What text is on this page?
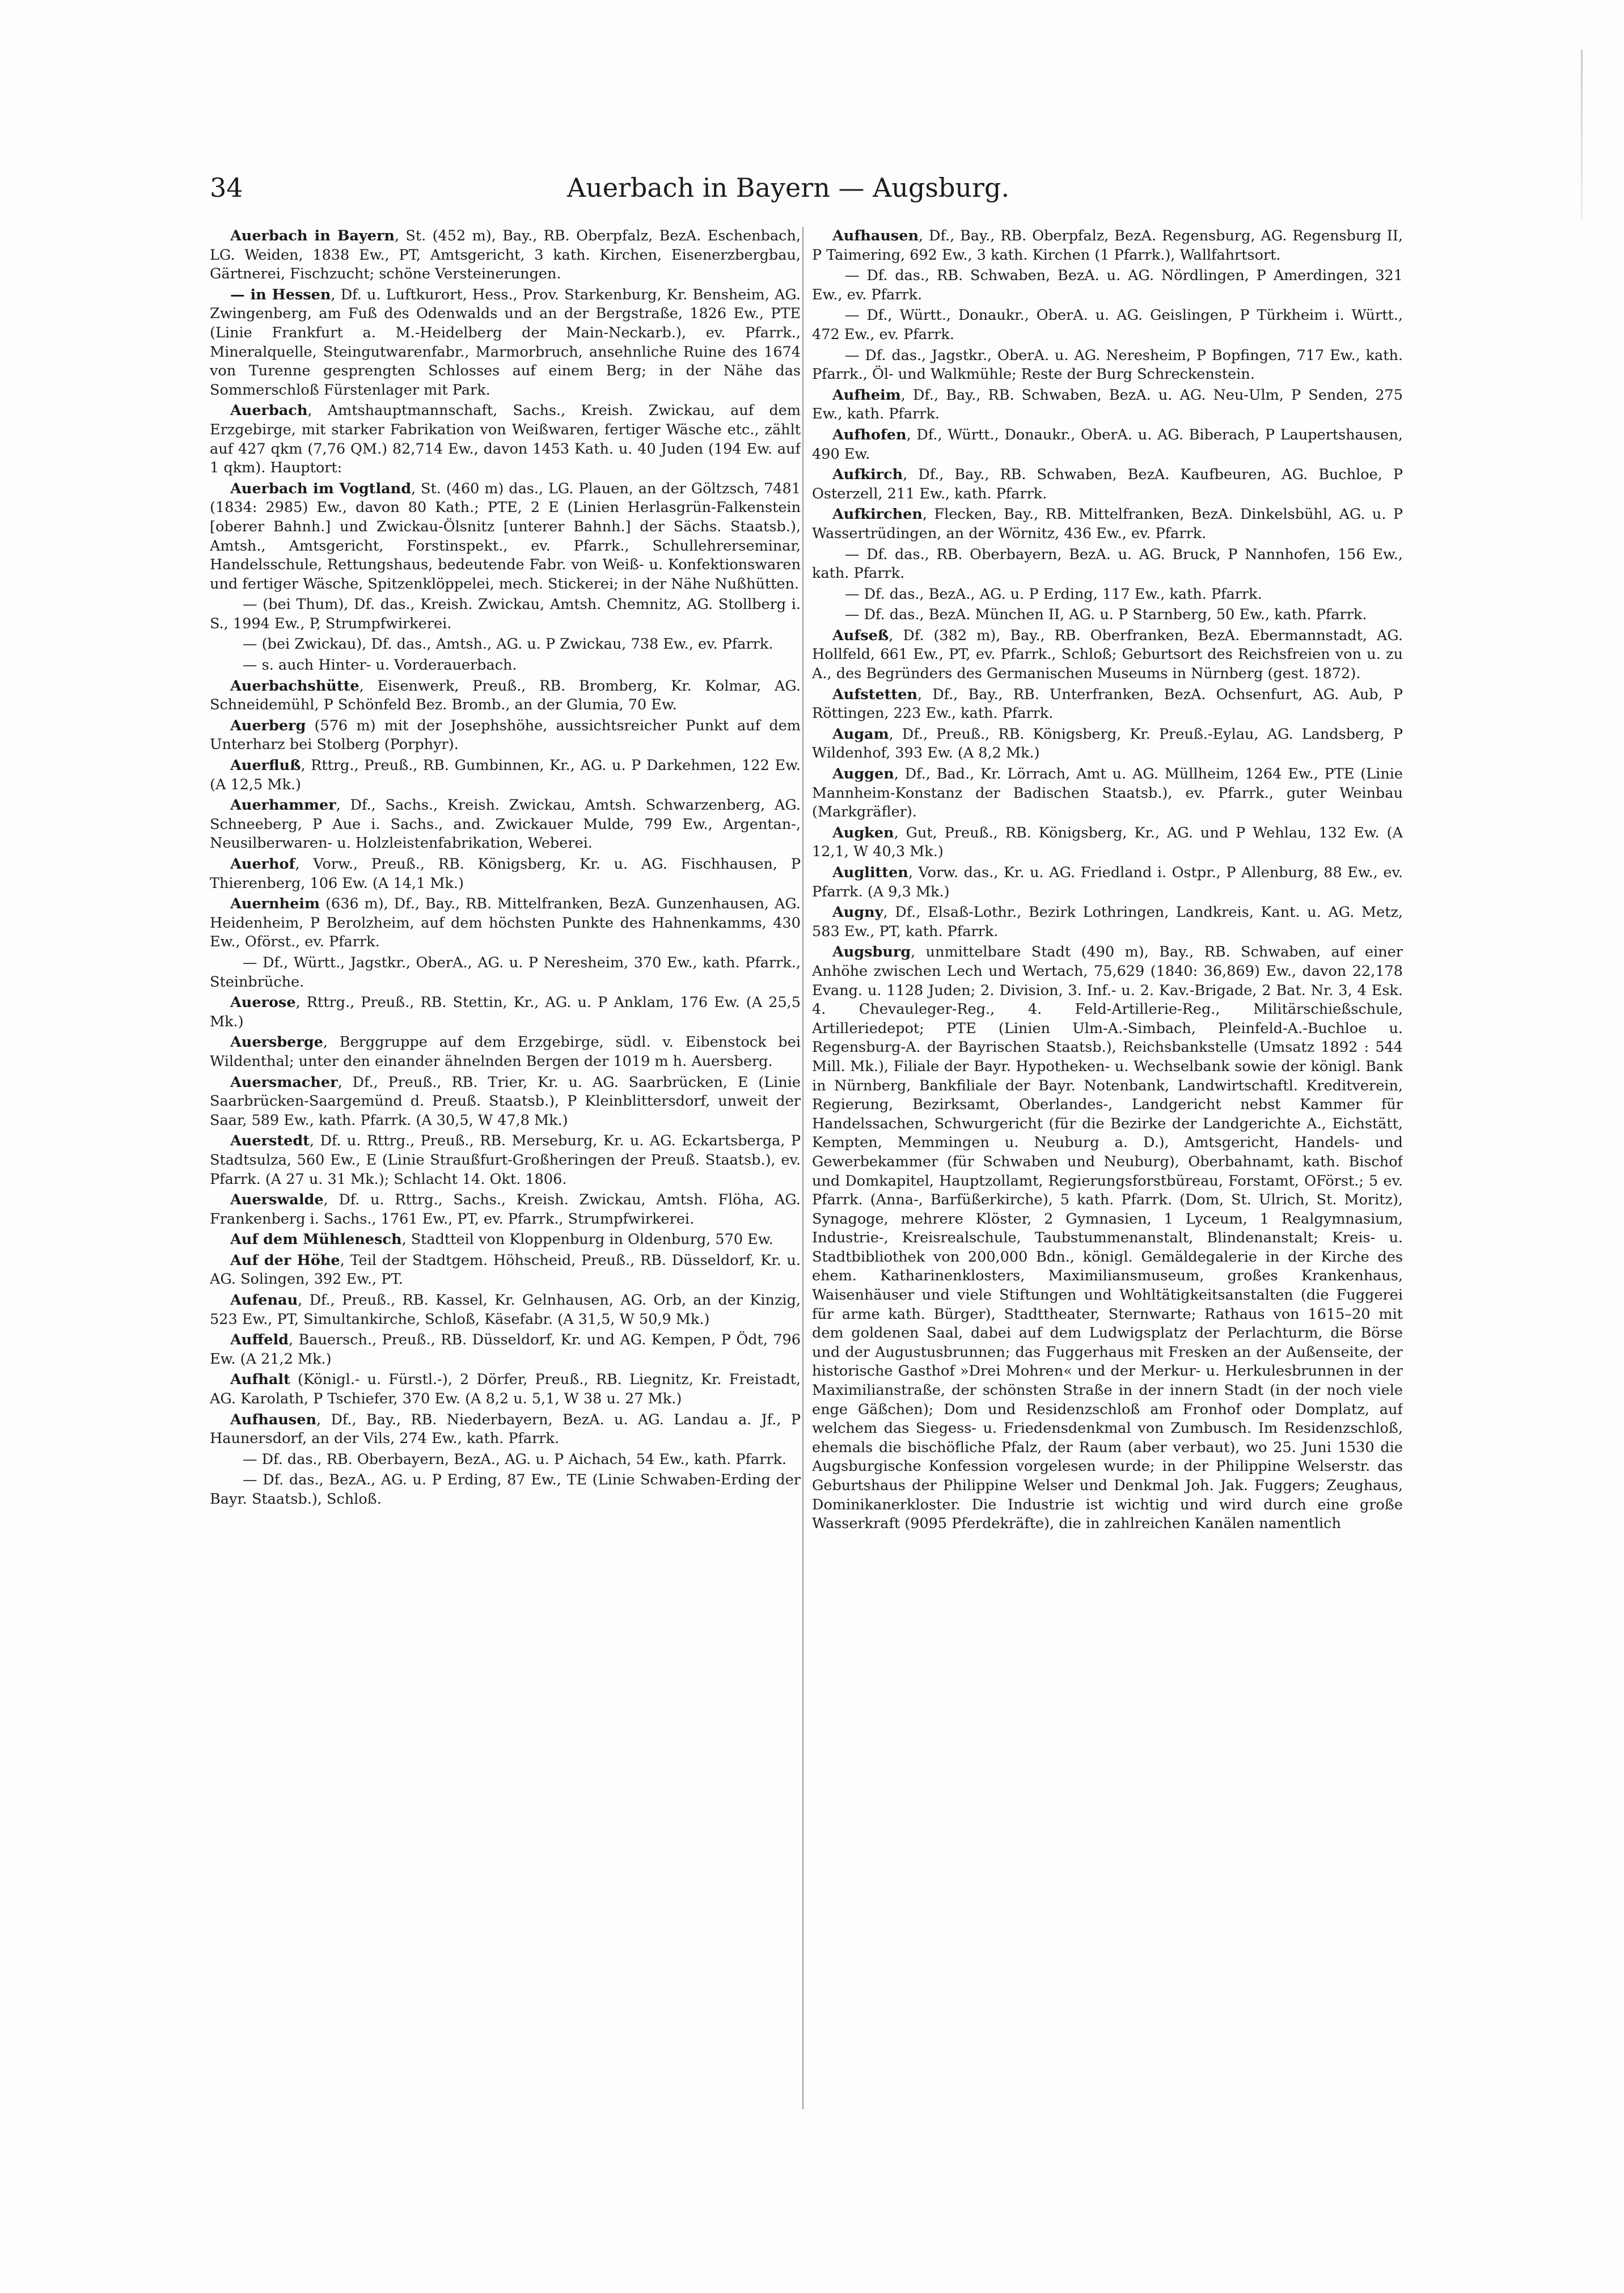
34	Auerbach in Bayern — Augsburg.

Auerbach in Bayern, St. (452 m), Bay., RB. Oberpfalz, BezA. Eschenbach, LG. Weiden, 1838 Ew., PT, Amtsgericht, 3 kath. Kirchen, Eisenerzbergbau, Gärtnerei, Fischzucht; schöne Versteinerungen.

— in Hessen, Df. u. Luftkurort, Hess., Prov. Starkenburg, Kr. Bensheim, AG. Zwingenberg, am Fuß des Odenwalds und an der Bergstraße, 1826 Ew., PTE (Linie Frankfurt a. M.-Heidelberg der Main-Neckarb.), ev. Pfarrk., Mineralquelle, Steingutwarenfabr., Marmorbruch, ansehnliche Ruine des 1674 von Turenne gesprengten Schlosses auf einem Berg; in der Nähe das Sommerschloß Fürstenlager mit Park.

Auerbach, Amtshauptmannschaft, Sachs., Kreish. Zwickau, auf dem Erzgebirge, mit starker Fabrikation von Weißwaren, fertiger Wäsche etc., zählt auf 427 qkm (7,76 QM.) 82,714 Ew., davon 1453 Kath. u. 40 Juden (194 Ew. auf 1 qkm). Hauptort:

Auerbach im Vogtland, St. (460 m) das., LG. Plauen, an der Göltzsch, 7481 (1834: 2985) Ew., davon 80 Kath.; PTE, 2 E (Linien Herlasgrün-Falkenstein [oberer Bahnh.] und Zwickau-Ölsnitz [unterer Bahnh.] der Sächs. Staatsb.), Amtsh., Amtsgericht, Forstinspekt., ev. Pfarrk., Schullehrerseminar, Handelsschule, Rettungshaus, bedeutende Fabr. von Weiß- u. Konfektionswaren und fertiger Wäsche, Spitzenklöppelei, mech. Stickerei; in der Nähe Nußhütten.

— (bei Thum), Df. das., Kreish. Zwickau, Amtsh. Chemnitz, AG. Stollberg i. S., 1994 Ew., P, Strumpfwirkerei.

— (bei Zwickau), Df. das., Amtsh., AG. u. P Zwickau, 738 Ew., ev. Pfarrk.

— s. auch Hinter- u. Vorderauerbach.

Auerbachshütte, Eisenwerk, Preuß., RB. Bromberg, Kr. Kolmar, AG. Schneidemühl, P Schönfeld Bez. Bromb., an der Glumia, 70 Ew.

Auerberg (576 m) mit der Josephshöhe, aussichtsreicher Punkt auf dem Unterharz bei Stolberg (Porphyr).

Auerfluß, Rttrg., Preuß., RB. Gumbinnen, Kr., AG. u. P Darkehmen, 122 Ew. (A 12,5 Mk.)

Auerhammer, Df., Sachs., Kreish. Zwickau, Amtsh. Schwarzenberg, AG. Schneeberg, P Aue i. Sachs., and. Zwickauer Mulde, 799 Ew., Argentan-, Neusilberwaren- u. Holzleistenfabrikation, Weberei.

Auerhof, Vorw., Preuß., RB. Königsberg, Kr. u. AG. Fischhausen, P Thierenberg, 106 Ew. (A 14,1 Mk.)

Auernheim (636 m), Df., Bay., RB. Mittelfranken, BezA. Gunzenhausen, AG. Heidenheim, P Berolzheim, auf dem höchsten Punkte des Hahnenkamms, 430 Ew., Oförst., ev. Pfarrk.

— Df., Württ., Jagstkr., OberA., AG. u. P Neresheim, 370 Ew., kath. Pfarrk., Steinbrüche.

Auerose, Rttrg., Preuß., RB. Stettin, Kr., AG. u. P Anklam, 176 Ew. (A 25,5 Mk.)

Auersberge, Berggruppe auf dem Erzgebirge, südl. v. Eibenstock bei Wildenthal; unter den einander ähnelnden Bergen der 1019 m h. Auersberg.

Auersmacher, Df., Preuß., RB. Trier, Kr. u. AG. Saarbrücken, E (Linie Saarbrücken-Saargemünd d. Preuß. Staatsb.), P Kleinblittersdorf, unweit der Saar, 589 Ew., kath. Pfarrk. (A 30,5, W 47,8 Mk.)

Auerstedt, Df. u. Rttrg., Preuß., RB. Merseburg, Kr. u. AG. Eckartsberga, P Stadtsulza, 560 Ew., E (Linie Straußfurt-Großheringen der Preuß. Staatsb.), ev. Pfarrk. (A 27 u. 31 Mk.); Schlacht 14. Okt. 1806.

Auerswalde, Df. u. Rttrg., Sachs., Kreish. Zwickau, Amtsh. Flöha, AG. Frankenberg i. Sachs., 1761 Ew., PT, ev. Pfarrk., Strumpfwirkerei.

Auf dem Mühlenesch, Stadtteil von Kloppenburg in Oldenburg, 570 Ew.

Auf der Höhe, Teil der Stadtgem. Höhscheid, Preuß., RB. Düsseldorf, Kr. u. AG. Solingen, 392 Ew., PT.

Aufenau, Df., Preuß., RB. Kassel, Kr. Gelnhausen, AG. Orb, an der Kinzig, 523 Ew., PT, Simultankirche, Schloß, Käsefabr. (A 31,5, W 50,9 Mk.)

Auffeld, Bauersch., Preuß., RB. Düsseldorf, Kr. und AG. Kempen, P Ödt, 796 Ew. (A 21,2 Mk.)

Aufhalt (Königl.- u. Fürstl.-), 2 Dörfer, Preuß., RB. Liegnitz, Kr. Freistadt, AG. Karolath, P Tschiefer, 370 Ew. (A 8,2 u. 5,1, W 38 u. 27 Mk.)

Aufhausen, Df., Bay., RB. Niederbayern, BezA. u. AG. Landau a. Jf., P Haunersdorf, an der Vils, 274 Ew., kath. Pfarrk.

— Df. das., RB. Oberbayern, BezA., AG. u. P Aichach, 54 Ew., kath. Pfarrk.

— Df. das., BezA., AG. u. P Erding, 87 Ew., TE (Linie Schwaben-Erding der Bayr. Staatsb.), Schloß.

Aufhausen, Df., Bay., RB. Oberpfalz, BezA. Regensburg, AG. Regensburg II, P Taimering, 692 Ew., 3 kath. Kirchen (1 Pfarrk.), Wallfahrtsort.

— Df. das., RB. Schwaben, BezA. u. AG. Nördlingen, P Amerdingen, 321 Ew., ev. Pfarrk.

— Df., Württ., Donaukr., OberA. u. AG. Geislingen, P Türkheim i. Württ., 472 Ew., ev. Pfarrk.

— Df. das., Jagstkr., OberA. u. AG. Neresheim, P Bopfingen, 717 Ew., kath. Pfarrk., Öl- und Walkmühle; Reste der Burg Schreckenstein.

Aufheim, Df., Bay., RB. Schwaben, BezA. u. AG. Neu-Ulm, P Senden, 275 Ew., kath. Pfarrk.

Aufhofen, Df., Württ., Donaukr., OberA. u. AG. Biberach, P Laupertshausen, 490 Ew.

Aufkirch, Df., Bay., RB. Schwaben, BezA. Kaufbeuren, AG. Buchloe, P Osterzell, 211 Ew., kath. Pfarrk.

Aufkirchen, Flecken, Bay., RB. Mittelfranken, BezA. Dinkelsbühl, AG. u. P Wassertrüdingen, an der Wörnitz, 436 Ew., ev. Pfarrk.

— Df. das., RB. Oberbayern, BezA. u. AG. Bruck, P Nannhofen, 156 Ew., kath. Pfarrk.

— Df. das., BezA., AG. u. P Erding, 117 Ew., kath. Pfarrk.

— Df. das., BezA. München II, AG. u. P Starnberg, 50 Ew., kath. Pfarrk.

Aufseß, Df. (382 m), Bay., RB. Oberfranken, BezA. Ebermannstadt, AG. Hollfeld, 661 Ew., PT, ev. Pfarrk., Schloß; Geburtsort des Reichsfreien von u. zu A., des Begründers des Germanischen Museums in Nürnberg (gest. 1872).

Aufstetten, Df., Bay., RB. Unterfranken, BezA. Ochsenfurt, AG. Aub, P Röttingen, 223 Ew., kath. Pfarrk.

Augam, Df., Preuß., RB. Königsberg, Kr. Preuß.-Eylau, AG. Landsberg, P Wildenhof, 393 Ew. (A 8,2 Mk.)

Auggen, Df., Bad., Kr. Lörrach, Amt u. AG. Müllheim, 1264 Ew., PTE (Linie Mannheim-Konstanz der Badischen Staatsb.), ev. Pfarrk., guter Weinbau (Markgräfler).

Augken, Gut, Preuß., RB. Königsberg, Kr., AG. und P Wehlau, 132 Ew. (A 12,1, W 40,3 Mk.)

Auglitten, Vorw. das., Kr. u. AG. Friedland i. Ostpr., P Allenburg, 88 Ew., ev. Pfarrk. (A 9,3 Mk.)

Augny, Df., Elsaß-Lothr., Bezirk Lothringen, Landkreis, Kant. u. AG. Metz, 583 Ew., PT, kath. Pfarrk.

Augsburg, unmittelbare Stadt (490 m), Bay., RB. Schwaben, auf einer Anhöhe zwischen Lech und Wertach, 75,629 (1840: 36,869) Ew., davon 22,178 Evang. u. 1128 Juden; 2. Division, 3. Inf.- u. 2. Kav.-Brigade, 2 Bat. Nr. 3, 4 Esk. 4. Chevauleger-Reg., 4. Feld-Artillerie-Reg., Militärschießschule, Artilleriedepot; PTE (Linien Ulm-A.-Simbach, Pleinfeld-A.-Buchloe u. Regensburg-A. der Bayrischen Staatsb.), Reichsbankstelle (Umsatz 1892 : 544 Mill. Mk.), Filiale der Bayr. Hypotheken- u. Wechselbank sowie der königl. Bank in Nürnberg, Bankfiliale der Bayr. Notenbank, Landwirtschaftl. Kreditverein, Regierung, Bezirksamt, Oberlandes-, Landgericht nebst Kammer für Handelssachen, Schwurgericht (für die Bezirke der Landgerichte A., Eichstätt, Kempten, Memmingen u. Neuburg a. D.), Amtsgericht, Handels- und Gewerbekammer (für Schwaben und Neuburg), Oberbahnamt, kath. Bischof und Domkapitel, Hauptzollamt, Regierungsforstbüreau, Forstamt, OFörst.; 5 ev. Pfarrk. (Anna-, Barfüßerkirche), 5 kath. Pfarrk. (Dom, St. Ulrich, St. Moritz), Synagoge, mehrere Klöster, 2 Gymnasien, 1 Lyceum, 1 Realgymnasium, Industrie-, Kreisrealschule, Taubstummenanstalt, Blindenanstalt; Kreis- u. Stadtbibliothek von 200,000 Bdn., königl. Gemäldegalerie in der Kirche des ehem. Katharinenklosters, Maximiliansmuseum, großes Krankenhaus, Waisenhäuser und viele Stiftungen und Wohltätigkeitsanstalten (die Fuggerei für arme kath. Bürger), Stadttheater, Sternwarte; Rathaus von 1615–20 mit dem goldenen Saal, dabei auf dem Ludwigsplatz der Perlachturm, die Börse und der Augustusbrunnen; das Fuggerhaus mit Fresken an der Außenseite, der historische Gasthof »Drei Mohren« und der Merkur- u. Herkulesbrunnen in der Maximilianstraße, der schönsten Straße in der innern Stadt (in der noch viele enge Gäßchen); Dom und Residenzschloß am Fronhof oder Domplatz, auf welchem das Siegess- u. Friedensdenkmal von Zumbusch. Im Residenzschloß, ehemals die bischöfliche Pfalz, der Raum (aber verbaut), wo 25. Juni 1530 die Augsburgische Konfession vorgelesen wurde; in der Philippine Welserstr. das Geburtshaus der Philippine Welser und Denkmal Joh. Jak. Fuggers; Zeughaus, Dominikanerkloster. Die Industrie ist wichtig und wird durch eine große Wasserkraft (9095 Pferdekräfte), die in zahlreichen Kanälen namentlich
